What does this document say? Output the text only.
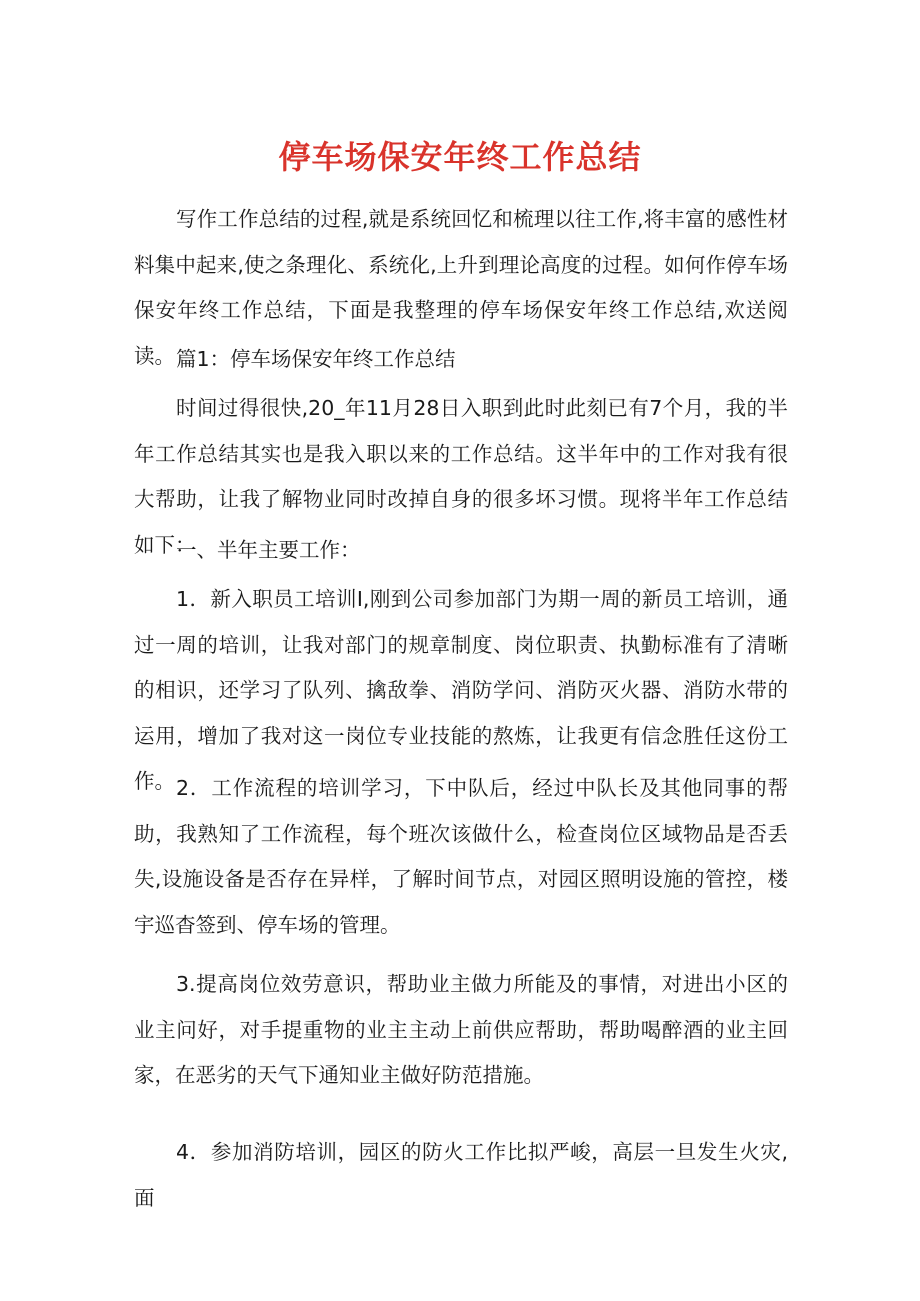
停车场保安年终工作总结

写作工作总结的过程,就是系统回忆和梳理以往工作,将丰富的感性材料集中起来,使之条理化、系统化,上升到理论高度的过程。如何作停车场保安年终工作总结，下面是我整理的停车场保安年终工作总结,欢送阅读。 篇1：停车场保安年终工作总结

时间过得很快,20_年11月28日入职到此时此刻已有7个月，我的半年工作总结其实也是我入职以来的工作总结。这半年中的工作对我有很大帮助，让我了解物业同时改掉自身的很多坏习惯。现将半年工作总结如下：

一、半年主要工作：

1．新入职员工培训I,刚到公司参加部门为期一周的新员工培训，通过一周的培训，让我对部门的规章制度、岗位职责、执勤标准有了清晰的相识，还学习了队列、擒敌拳、消防学问、消防灭火器、消防水带的运用，增加了我对这一岗位专业技能的熬炼，让我更有信念胜任这份工作。 2．工作流程的培训学习，下中队后，经过中队长及其他同事的帮助，我熟知了工作流程，每个班次该做什么，检查岗位区域物品是否丢失,设施设备是否存在异样，了解时间节点，对园区照明设施的管控，楼宇巡杳签到、停车场的管理。

3.提高岗位效劳意识，帮助业主做力所能及的事情，对进出小区的业主问好，对手提重物的业主主动上前供应帮助，帮助喝醉酒的业主回家，在恶劣的天气下通知业主做好防范措施。

4．参加消防培训，园区的防火工作比拟严峻，高层一旦发生火灾,面
